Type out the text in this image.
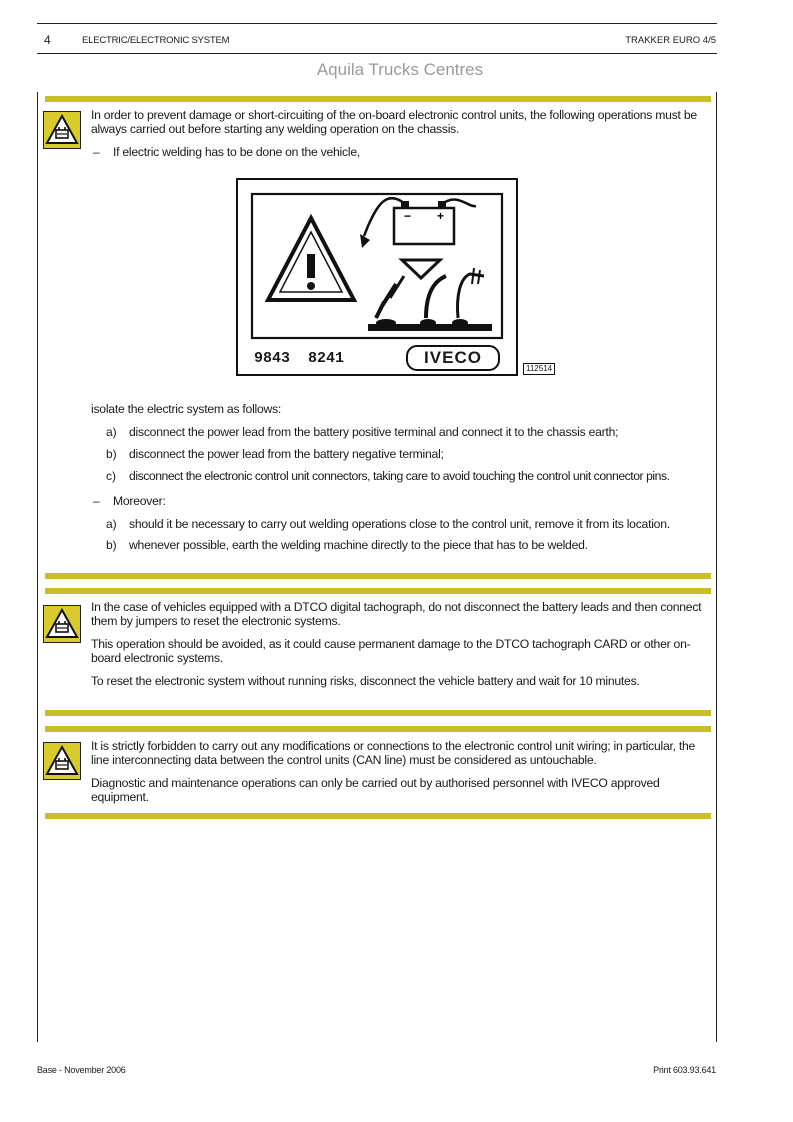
4	ELECTRIC/ELECTRONIC SYSTEM	TRAKKER EURO 4/5
Aquila Trucks Centres
In order to prevent damage or short-circuiting of the on-board electronic control units, the following operations must be always carried out before starting any welding operation on the chassis.
– If electric welding has to be done on the vehicle,
− +
9843  8241	IVECO
112514
isolate the electric system as follows:
a) disconnect the power lead from the battery positive terminal and connect it to the chassis earth;
b) disconnect the power lead from the battery negative terminal;
c) disconnect the electronic control unit connectors, taking care to avoid touching the control unit connector pins.
– Moreover:
a) should it be necessary to carry out welding operations close to the control unit, remove it from its location.
b) whenever possible, earth the welding machine directly to the piece that has to be welded.
In the case of vehicles equipped with a DTCO digital tachograph, do not disconnect the battery leads and then connect them by jumpers to reset the electronic systems.
This operation should be avoided, as it could cause permanent damage to the DTCO tachograph CARD or other on-board electronic systems.
To reset the electronic system without running risks, disconnect the vehicle battery and wait for 10 minutes.
It is strictly forbidden to carry out any modifications or connections to the electronic control unit wiring; in particular, the line interconnecting data between the control units (CAN line) must be considered as untouchable.
Diagnostic and maintenance operations can only be carried out by authorised personnel with IVECO approved equipment.
Base - November 2006	Print 603.93.641
